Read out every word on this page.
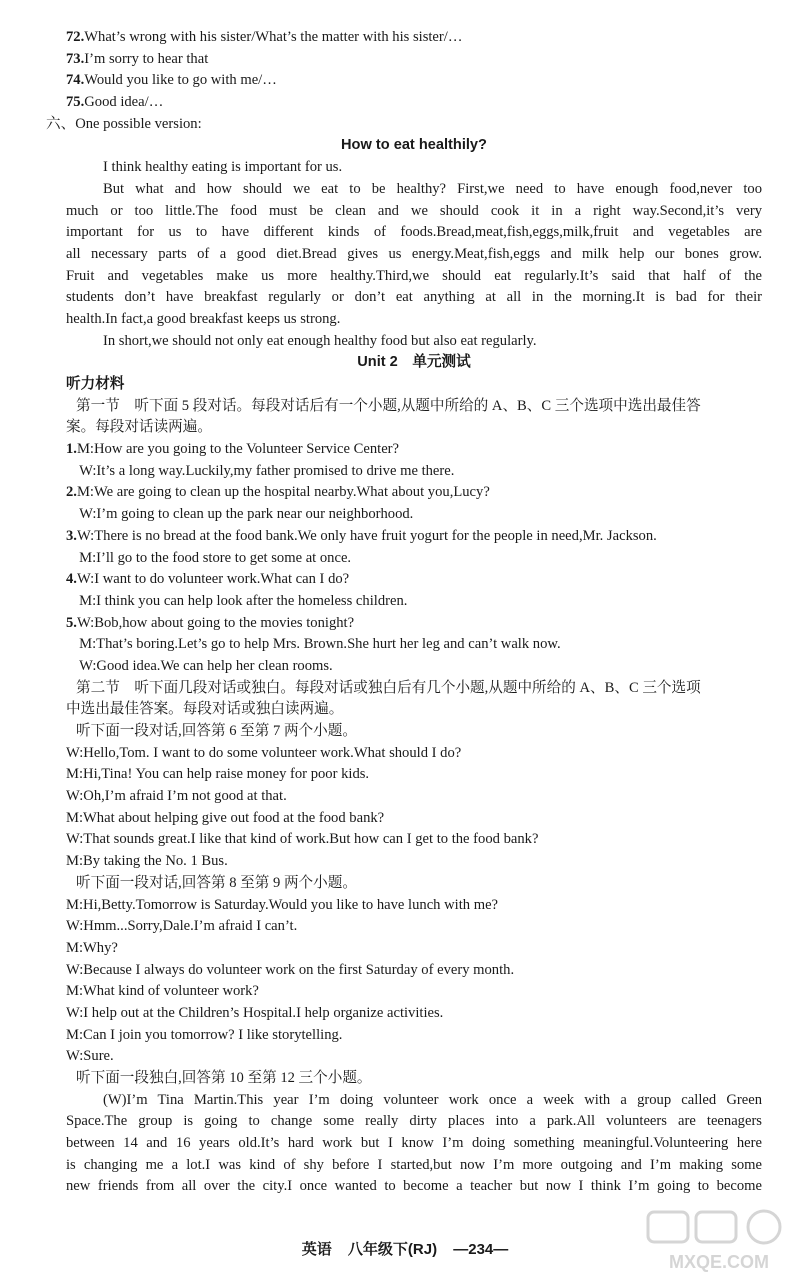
72.What’s wrong with his sister/What’s the matter with his sister/…
73.I’m sorry to hear that
74.Would you like to go with me/…
75.Good idea/…
六、One possible version:
How to eat healthily?
I think healthy eating is important for us.
But what and how should we eat to be healthy? First,we need to have enough food,never too
much or too little.The food must be clean and we should cook it in a right way.Second,it’s very
important for us to have different kinds of foods.Bread,meat,fish,eggs,milk,fruit and vegetables are
all necessary parts of a good diet.Bread gives us energy.Meat,fish,eggs and milk help our bones grow.
Fruit and vegetables make us more healthy.Third,we should eat regularly.It’s said that half of the
students don’t have breakfast regularly or don’t eat anything at all in the morning.It is bad for their
health.In fact,a good breakfast keeps us strong.
In short,we should not only eat enough healthy food but also eat regularly.
Unit 2　单元测试
听力材料
第一节　听下面 5 段对话。每段对话后有一个小题,从题中所给的 A、B、C 三个选项中选出最佳答
案。每段对话读两遍。
1.M:How are you going to the Volunteer Service Center?
W:It’s a long way.Luckily,my father promised to drive me there.
2.M:We are going to clean up the hospital nearby.What about you,Lucy?
W:I’m going to clean up the park near our neighborhood.
3.W:There is no bread at the food bank.We only have fruit yogurt for the people in need,Mr. Jackson.
M:I’ll go to the food store to get some at once.
4.W:I want to do volunteer work.What can I do?
M:I think you can help look after the homeless children.
5.W:Bob,how about going to the movies tonight?
M:That’s boring.Let’s go to help Mrs. Brown.She hurt her leg and can’t walk now.
W:Good idea.We can help her clean rooms.
第二节　听下面几段对话或独白。每段对话或独白后有几个小题,从题中所给的 A、B、C 三个选项
中选出最佳答案。每段对话或独白读两遍。
听下面一段对话,回答第 6 至第 7 两个小题。
W:Hello,Tom. I want to do some volunteer work.What should I do?
M:Hi,Tina! You can help raise money for poor kids.
W:Oh,I’m afraid I’m not good at that.
M:What about helping give out food at the food bank?
W:That sounds great.I like that kind of work.But how can I get to the food bank?
M:By taking the No. 1 Bus.
听下面一段对话,回答第 8 至第 9 两个小题。
M:Hi,Betty.Tomorrow is Saturday.Would you like to have lunch with me?
W:Hmm...Sorry,Dale.I’m afraid I can’t.
M:Why?
W:Because I always do volunteer work on the first Saturday of every month.
M:What kind of volunteer work?
W:I help out at the Children’s Hospital.I help organize activities.
M:Can I join you tomorrow? I like storytelling.
W:Sure.
听下面一段独白,回答第 10 至第 12 三个小题。
(W)I’m Tina Martin.This year I’m doing volunteer work once a week with a group called Green
Space.The group is going to change some really dirty places into a park.All volunteers are teenagers
between 14 and 16 years old.It’s hard work but I know I’m doing something meaningful.Volunteering here
is changing me a lot.I was kind of shy before I started,but now I’m more outgoing and I’m making some
new friends from all over the city.I once wanted to become a teacher but now I think I’m going to become
英语 八年级下(RJ) —234—
MXQE.COM
